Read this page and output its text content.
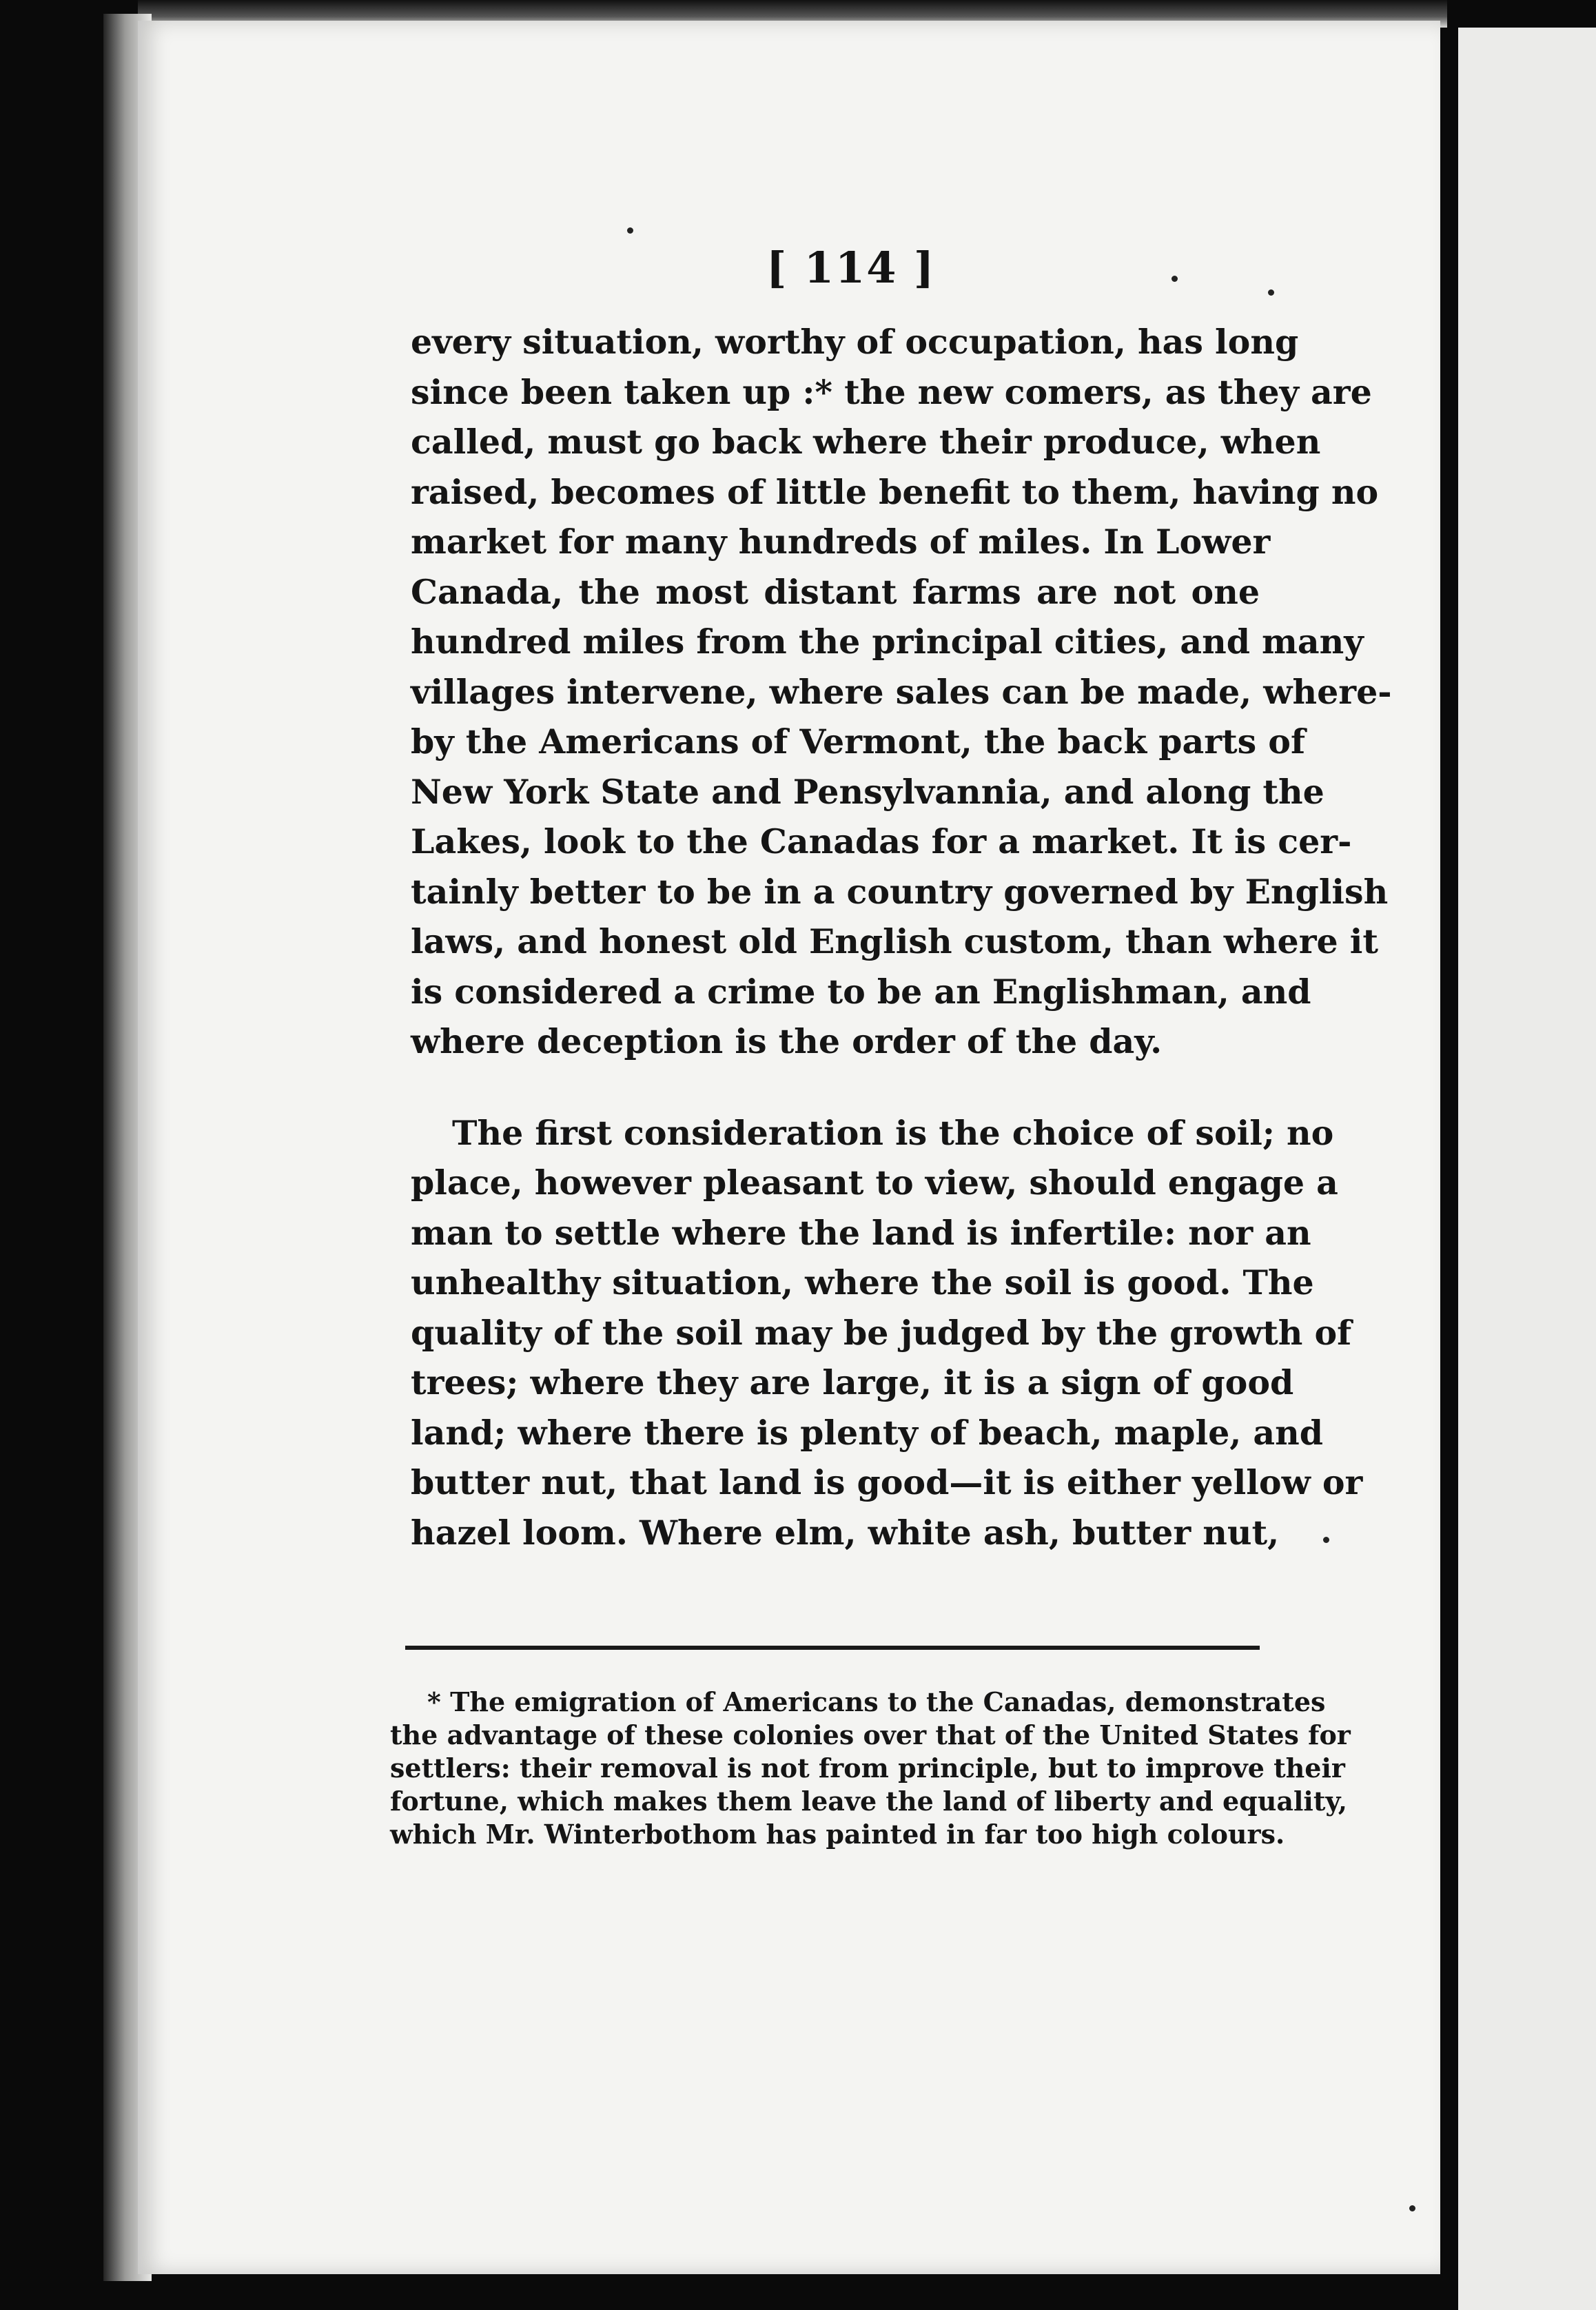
[ 114 ]

every situation, worthy of occupation, has long
since been taken up :* the new comers, as they are
called, must go back where their produce, when
raised, becomes of little benefit to them, having no
market for many hundreds of miles. In Lower
Canada, the most distant farms are not one
hundred miles from the principal cities, and many
villages intervene, where sales can be made, where-
by the Americans of Vermont, the back parts of
New York State and Pensylvannia, and along the
Lakes, look to the Canadas for a market. It is cer-
tainly better to be in a country governed by English
laws, and honest old English custom, than where it
is considered a crime to be an Englishman, and
where deception is the order of the day.

The first consideration is the choice of soil; no
place, however pleasant to view, should engage a
man to settle where the land is infertile: nor an
unhealthy situation, where the soil is good. The
quality of the soil may be judged by the growth of
trees; where they are large, it is a sign of good
land; where there is plenty of beach, maple, and
butter nut, that land is good—it is either yellow or
hazel loom. Where elm, white ash, butter nut,

* The emigration of Americans to the Canadas, demonstrates
the advantage of these colonies over that of the United States for
settlers: their removal is not from principle, but to improve their
fortune, which makes them leave the land of liberty and equality,
which Mr. Winterbothom has painted in far too high colours.
